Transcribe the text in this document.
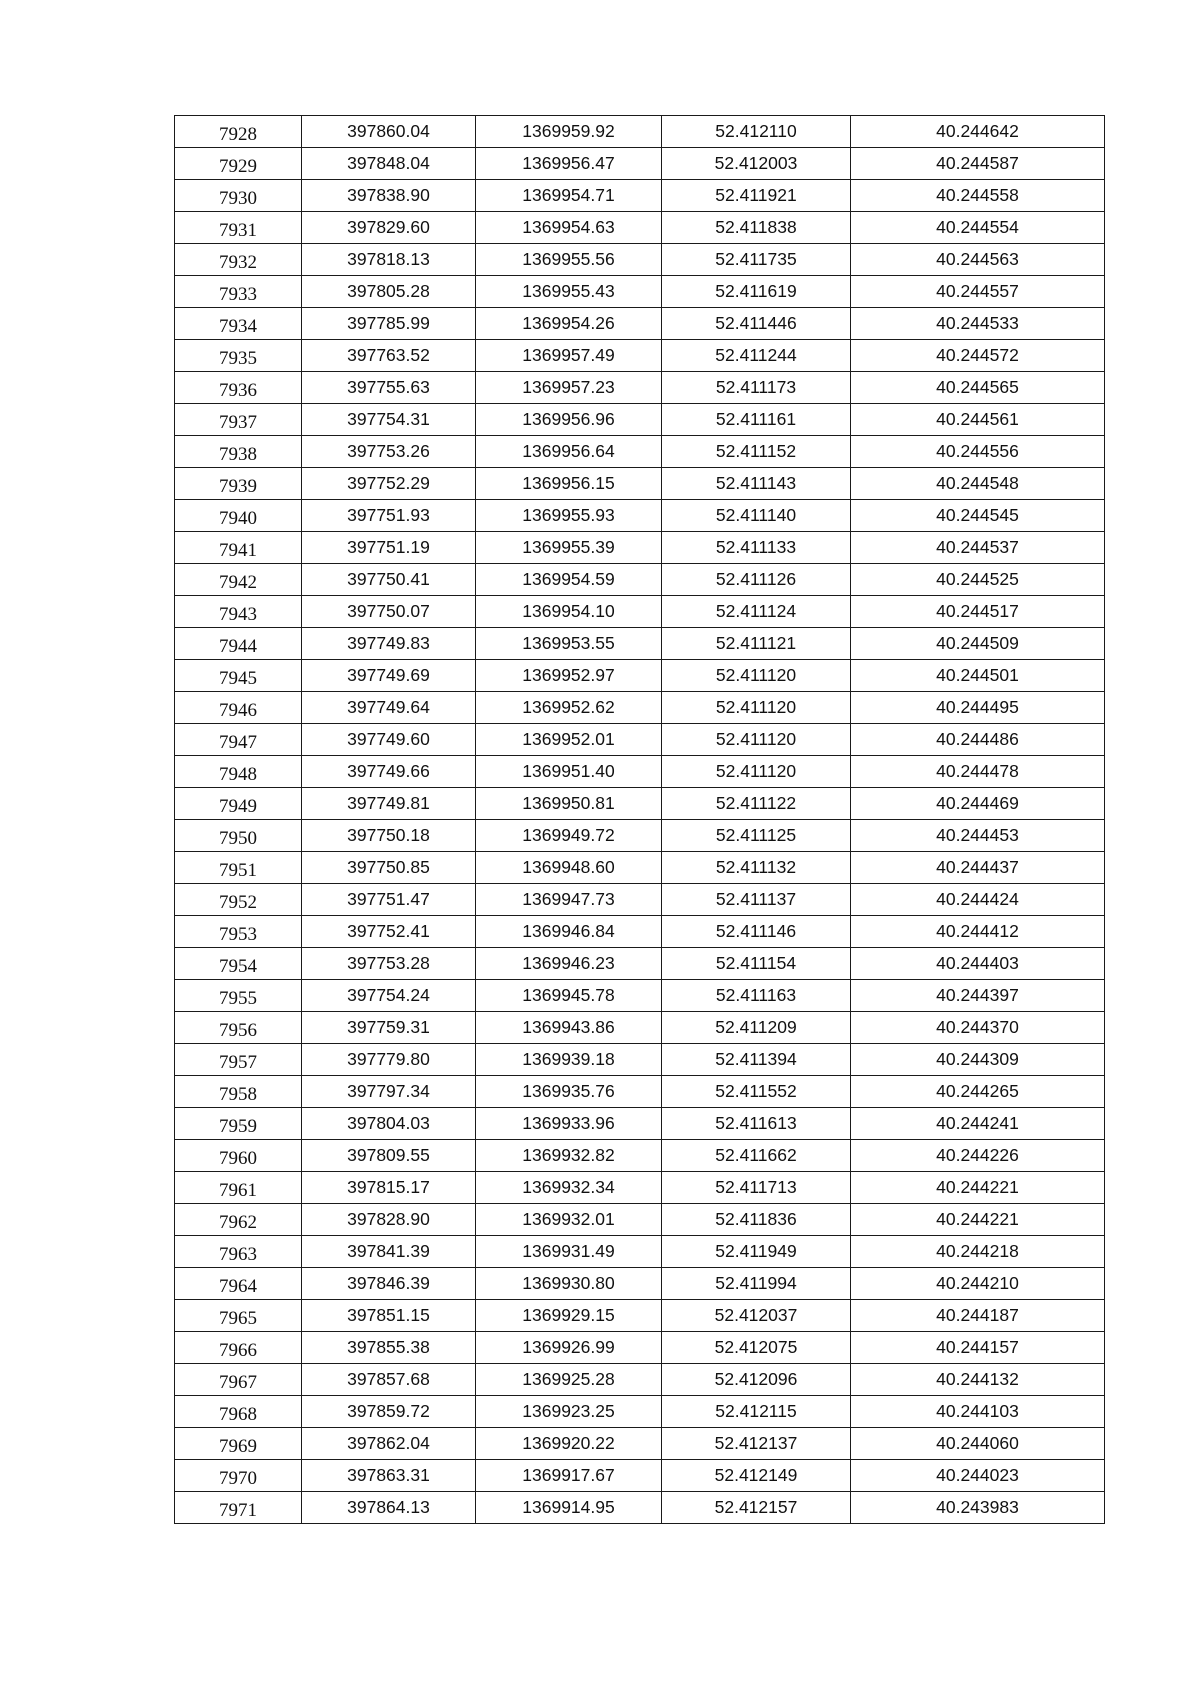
7928	397860.04	1369959.92	52.412110	40.244642
7929	397848.04	1369956.47	52.412003	40.244587
7930	397838.90	1369954.71	52.411921	40.244558
7931	397829.60	1369954.63	52.411838	40.244554
7932	397818.13	1369955.56	52.411735	40.244563
7933	397805.28	1369955.43	52.411619	40.244557
7934	397785.99	1369954.26	52.411446	40.244533
7935	397763.52	1369957.49	52.411244	40.244572
7936	397755.63	1369957.23	52.411173	40.244565
7937	397754.31	1369956.96	52.411161	40.244561
7938	397753.26	1369956.64	52.411152	40.244556
7939	397752.29	1369956.15	52.411143	40.244548
7940	397751.93	1369955.93	52.411140	40.244545
7941	397751.19	1369955.39	52.411133	40.244537
7942	397750.41	1369954.59	52.411126	40.244525
7943	397750.07	1369954.10	52.411124	40.244517
7944	397749.83	1369953.55	52.411121	40.244509
7945	397749.69	1369952.97	52.411120	40.244501
7946	397749.64	1369952.62	52.411120	40.244495
7947	397749.60	1369952.01	52.411120	40.244486
7948	397749.66	1369951.40	52.411120	40.244478
7949	397749.81	1369950.81	52.411122	40.244469
7950	397750.18	1369949.72	52.411125	40.244453
7951	397750.85	1369948.60	52.411132	40.244437
7952	397751.47	1369947.73	52.411137	40.244424
7953	397752.41	1369946.84	52.411146	40.244412
7954	397753.28	1369946.23	52.411154	40.244403
7955	397754.24	1369945.78	52.411163	40.244397
7956	397759.31	1369943.86	52.411209	40.244370
7957	397779.80	1369939.18	52.411394	40.244309
7958	397797.34	1369935.76	52.411552	40.244265
7959	397804.03	1369933.96	52.411613	40.244241
7960	397809.55	1369932.82	52.411662	40.244226
7961	397815.17	1369932.34	52.411713	40.244221
7962	397828.90	1369932.01	52.411836	40.244221
7963	397841.39	1369931.49	52.411949	40.244218
7964	397846.39	1369930.80	52.411994	40.244210
7965	397851.15	1369929.15	52.412037	40.244187
7966	397855.38	1369926.99	52.412075	40.244157
7967	397857.68	1369925.28	52.412096	40.244132
7968	397859.72	1369923.25	52.412115	40.244103
7969	397862.04	1369920.22	52.412137	40.244060
7970	397863.31	1369917.67	52.412149	40.244023
7971	397864.13	1369914.95	52.412157	40.243983
